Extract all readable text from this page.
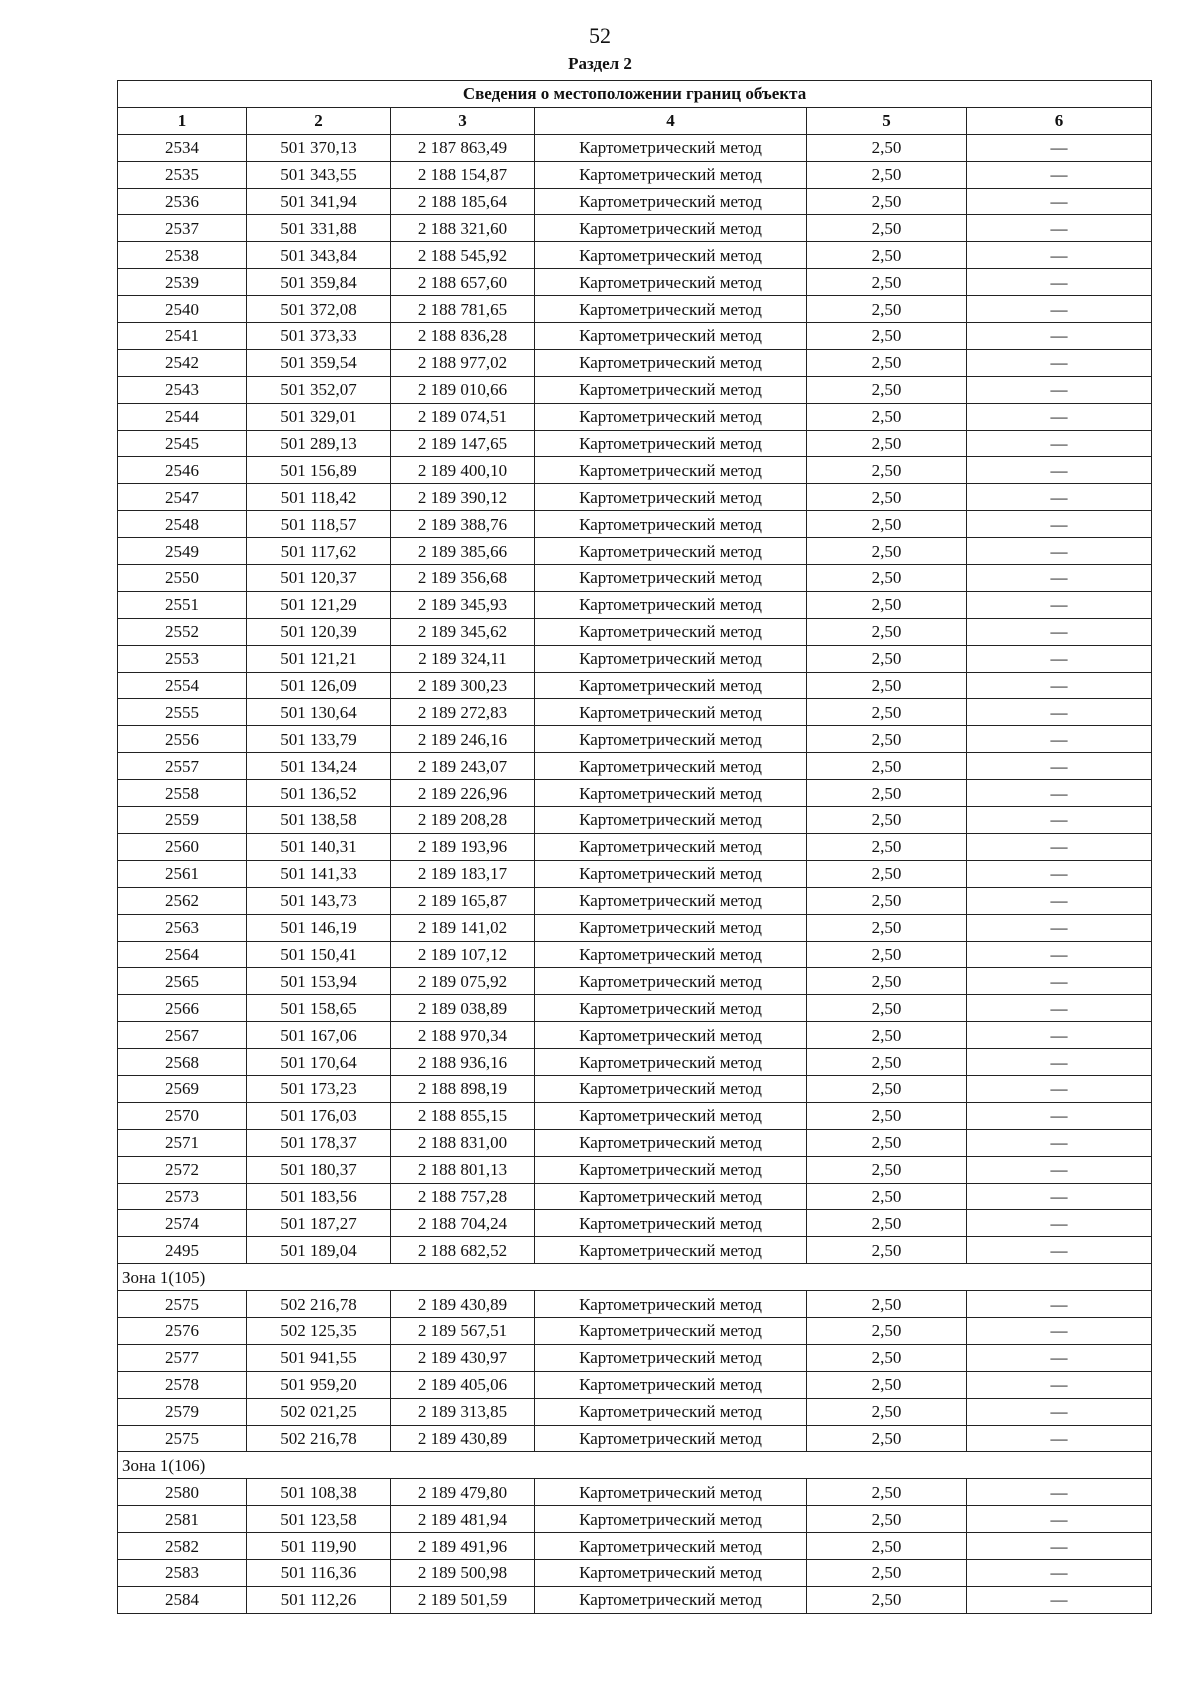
52
Раздел 2
Сведения о местоположении границ объекта					
1	2	3	4	5	6
2534	501 370,13	2 187 863,49	Картометрический метод	2,50	—
2535	501 343,55	2 188 154,87	Картометрический метод	2,50	—
2536	501 341,94	2 188 185,64	Картометрический метод	2,50	—
2537	501 331,88	2 188 321,60	Картометрический метод	2,50	—
2538	501 343,84	2 188 545,92	Картометрический метод	2,50	—
2539	501 359,84	2 188 657,60	Картометрический метод	2,50	—
2540	501 372,08	2 188 781,65	Картометрический метод	2,50	—
2541	501 373,33	2 188 836,28	Картометрический метод	2,50	—
2542	501 359,54	2 188 977,02	Картометрический метод	2,50	—
2543	501 352,07	2 189 010,66	Картометрический метод	2,50	—
2544	501 329,01	2 189 074,51	Картометрический метод	2,50	—
2545	501 289,13	2 189 147,65	Картометрический метод	2,50	—
2546	501 156,89	2 189 400,10	Картометрический метод	2,50	—
2547	501 118,42	2 189 390,12	Картометрический метод	2,50	—
2548	501 118,57	2 189 388,76	Картометрический метод	2,50	—
2549	501 117,62	2 189 385,66	Картометрический метод	2,50	—
2550	501 120,37	2 189 356,68	Картометрический метод	2,50	—
2551	501 121,29	2 189 345,93	Картометрический метод	2,50	—
2552	501 120,39	2 189 345,62	Картометрический метод	2,50	—
2553	501 121,21	2 189 324,11	Картометрический метод	2,50	—
2554	501 126,09	2 189 300,23	Картометрический метод	2,50	—
2555	501 130,64	2 189 272,83	Картометрический метод	2,50	—
2556	501 133,79	2 189 246,16	Картометрический метод	2,50	—
2557	501 134,24	2 189 243,07	Картометрический метод	2,50	—
2558	501 136,52	2 189 226,96	Картометрический метод	2,50	—
2559	501 138,58	2 189 208,28	Картометрический метод	2,50	—
2560	501 140,31	2 189 193,96	Картометрический метод	2,50	—
2561	501 141,33	2 189 183,17	Картометрический метод	2,50	—
2562	501 143,73	2 189 165,87	Картометрический метод	2,50	—
2563	501 146,19	2 189 141,02	Картометрический метод	2,50	—
2564	501 150,41	2 189 107,12	Картометрический метод	2,50	—
2565	501 153,94	2 189 075,92	Картометрический метод	2,50	—
2566	501 158,65	2 189 038,89	Картометрический метод	2,50	—
2567	501 167,06	2 188 970,34	Картометрический метод	2,50	—
2568	501 170,64	2 188 936,16	Картометрический метод	2,50	—
2569	501 173,23	2 188 898,19	Картометрический метод	2,50	—
2570	501 176,03	2 188 855,15	Картометрический метод	2,50	—
2571	501 178,37	2 188 831,00	Картометрический метод	2,50	—
2572	501 180,37	2 188 801,13	Картометрический метод	2,50	—
2573	501 183,56	2 188 757,28	Картометрический метод	2,50	—
2574	501 187,27	2 188 704,24	Картометрический метод	2,50	—
2495	501 189,04	2 188 682,52	Картометрический метод	2,50	—
Зона 1(105)					
2575	502 216,78	2 189 430,89	Картометрический метод	2,50	—
2576	502 125,35	2 189 567,51	Картометрический метод	2,50	—
2577	501 941,55	2 189 430,97	Картометрический метод	2,50	—
2578	501 959,20	2 189 405,06	Картометрический метод	2,50	—
2579	502 021,25	2 189 313,85	Картометрический метод	2,50	—
2575	502 216,78	2 189 430,89	Картометрический метод	2,50	—
Зона 1(106)					
2580	501 108,38	2 189 479,80	Картометрический метод	2,50	—
2581	501 123,58	2 189 481,94	Картометрический метод	2,50	—
2582	501 119,90	2 189 491,96	Картометрический метод	2,50	—
2583	501 116,36	2 189 500,98	Картометрический метод	2,50	—
2584	501 112,26	2 189 501,59	Картометрический метод	2,50	—
